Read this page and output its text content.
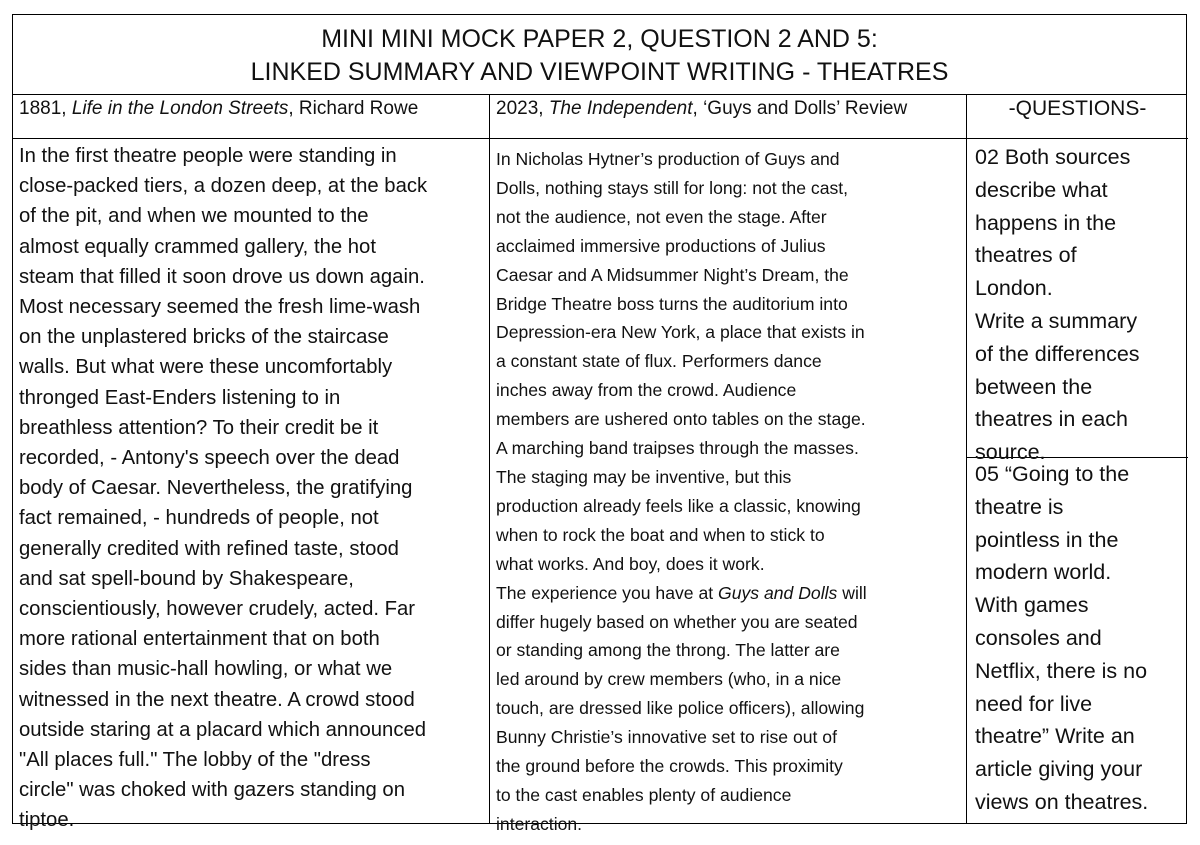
MINI MINI MOCK PAPER 2, QUESTION 2 AND 5:
LINKED SUMMARY AND VIEWPOINT WRITING - THEATRES
1881, Life in the London Streets, Richard Rowe	2023, The Independent, ‘Guys and Dolls’ Review	-QUESTIONS-
In the first theatre people were standing in
close-packed tiers, a dozen deep, at the back
of the pit, and when we mounted to the
almost equally crammed gallery, the hot
steam that filled it soon drove us down again.
Most necessary seemed the fresh lime-wash
on the unplastered bricks of the staircase
walls. But what were these uncomfortably
thronged East-Enders listening to in
breathless attention? To their credit be it
recorded, - Antony's speech over the dead
body of Caesar. Nevertheless, the gratifying
fact remained, - hundreds of people, not
generally credited with refined taste, stood
and sat spell-bound by Shakespeare,
conscientiously, however crudely, acted. Far
more rational entertainment that on both
sides than music-hall howling, or what we
witnessed in the next theatre. A crowd stood
outside staring at a placard which announced
"All places full." The lobby of the "dress
circle" was choked with gazers standing on
tiptoe.
In Nicholas Hytner’s production of Guys and
Dolls, nothing stays still for long: not the cast,
not the audience, not even the stage. After
acclaimed immersive productions of Julius
Caesar and A Midsummer Night’s Dream, the
Bridge Theatre boss turns the auditorium into
Depression-era New York, a place that exists in
a constant state of flux. Performers dance
inches away from the crowd. Audience
members are ushered onto tables on the stage.
A marching band traipses through the masses.
The staging may be inventive, but this
production already feels like a classic, knowing
when to rock the boat and when to stick to
what works. And boy, does it work.
The experience you have at Guys and Dolls will
differ hugely based on whether you are seated
or standing among the throng. The latter are
led around by crew members (who, in a nice
touch, are dressed like police officers), allowing
Bunny Christie’s innovative set to rise out of
the ground before the crowds. This proximity
to the cast enables plenty of audience
interaction.
02 Both sources
describe what
happens in the
theatres of
London.
Write a summary
of the differences
between the
theatres in each
source.
05 “Going to the
theatre is
pointless in the
modern world.
With games
consoles and
Netflix, there is no
need for live
theatre” Write an
article giving your
views on theatres.
